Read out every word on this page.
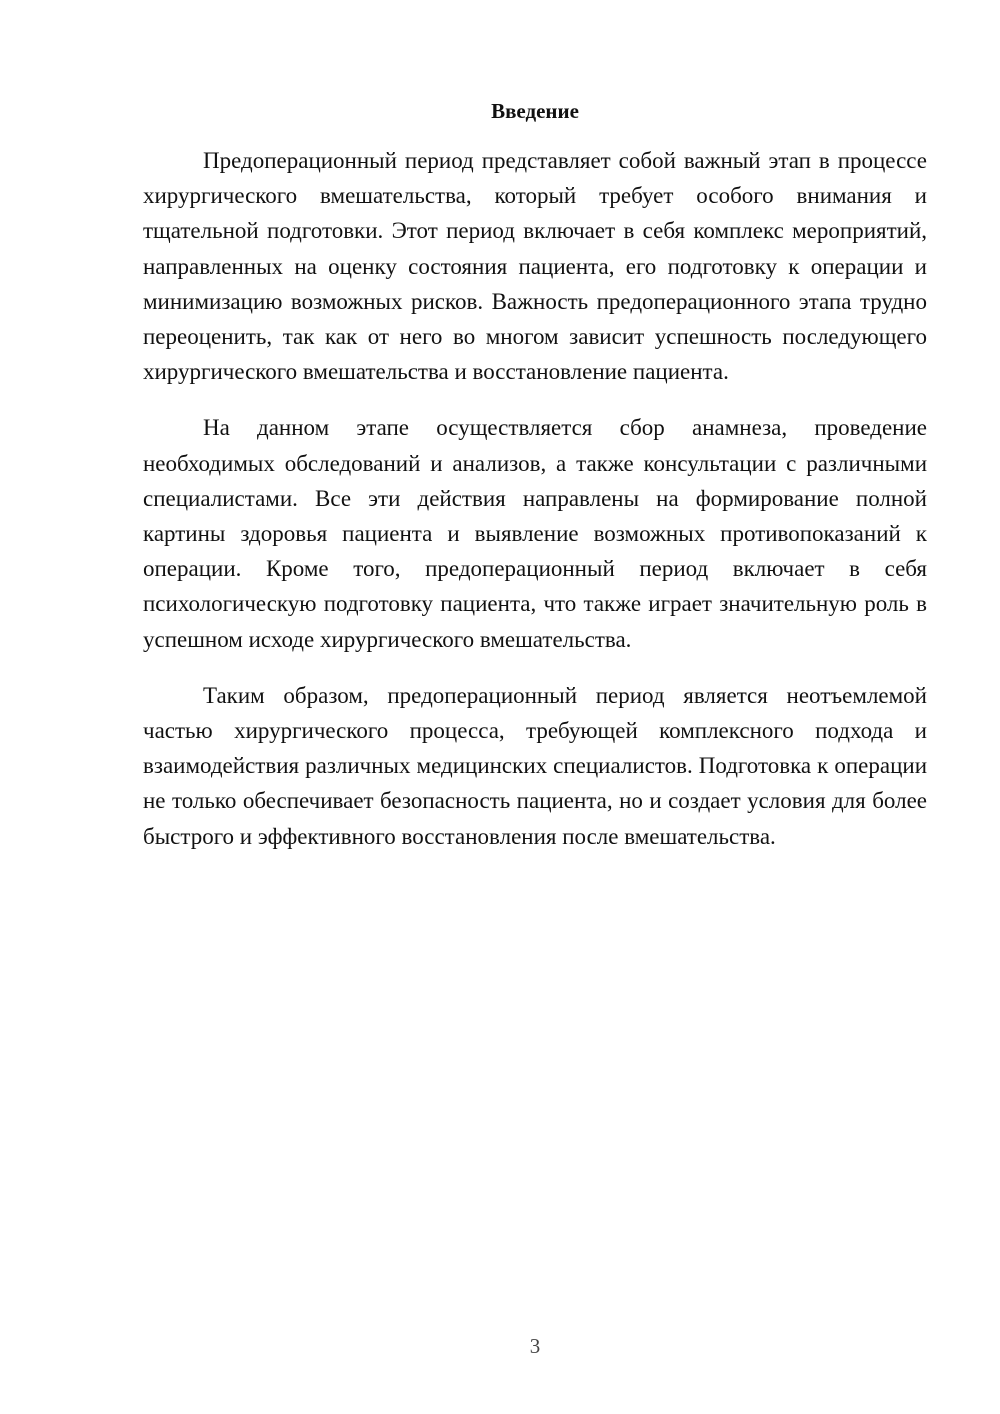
Введение

Предоперационный период представляет собой важный этап в процессе хирургического вмешательства, который требует особого внимания и тщательной подготовки. Этот период включает в себя комплекс мероприятий, направленных на оценку состояния пациента, его подготовку к операции и минимизацию возможных рисков. Важность предоперационного этапа трудно переоценить, так как от него во многом зависит успешность последующего хирургического вмешательства и восстановление пациента.

На данном этапе осуществляется сбор анамнеза, проведение необходимых обследований и анализов, а также консультации с различными специалистами. Все эти действия направлены на формирование полной картины здоровья пациента и выявление возможных противопоказаний к операции. Кроме того, предоперационный период включает в себя психологическую подготовку пациента, что также играет значительную роль в успешном исходе хирургического вмешательства.

Таким образом, предоперационный период является неотъемлемой частью хирургического процесса, требующей комплексного подхода и взаимодействия различных медицинских специалистов. Подготовка к операции не только обеспечивает безопасность пациента, но и создает условия для более быстрого и эффективного восстановления после вмешательства.

3
